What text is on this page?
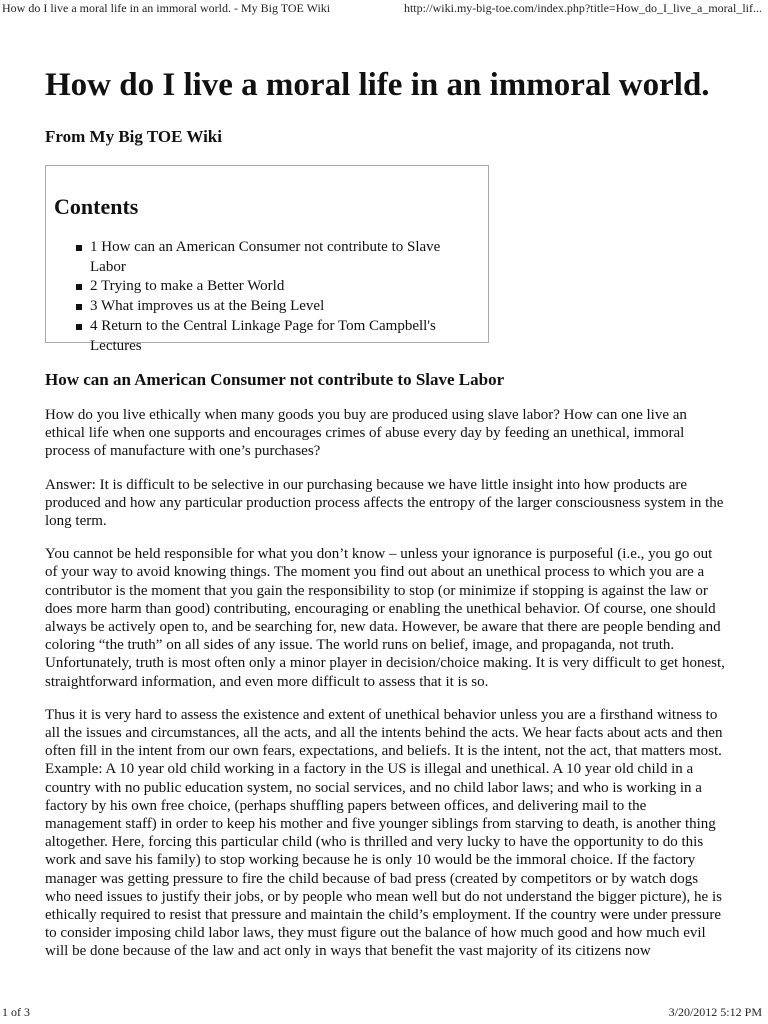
How do I live a moral life in an immoral world. - My Big TOE Wiki	http://wiki.my-big-toe.com/index.php?title=How_do_I_live_a_moral_lif...
How do I live a moral life in an immoral world.
From My Big TOE Wiki
Contents
1 How can an American Consumer not contribute to Slave Labor
2 Trying to make a Better World
3 What improves us at the Being Level
4 Return to the Central Linkage Page for Tom Campbell's Lectures
How can an American Consumer not contribute to Slave Labor

How do you live ethically when many goods you buy are produced using slave labor? How can one live an ethical life when one supports and encourages crimes of abuse every day by feeding an unethical, immoral process of manufacture with one’s purchases?

Answer: It is difficult to be selective in our purchasing because we have little insight into how products are produced and how any particular production process affects the entropy of the larger consciousness system in the long term.

You cannot be held responsible for what you don’t know – unless your ignorance is purposeful (i.e., you go out of your way to avoid knowing things. The moment you find out about an unethical process to which you are a contributor is the moment that you gain the responsibility to stop (or minimize if stopping is against the law or does more harm than good) contributing, encouraging or enabling the unethical behavior. Of course, one should always be actively open to, and be searching for, new data. However, be aware that there are people bending and coloring “the truth” on all sides of any issue. The world runs on belief, image, and propaganda, not truth. Unfortunately, truth is most often only a minor player in decision/choice making. It is very difficult to get honest, straightforward information, and even more difficult to assess that it is so.

Thus it is very hard to assess the existence and extent of unethical behavior unless you are a firsthand witness to all the issues and circumstances, all the acts, and all the intents behind the acts. We hear facts about acts and then often fill in the intent from our own fears, expectations, and beliefs. It is the intent, not the act, that matters most. Example: A 10 year old child working in a factory in the US is illegal and unethical. A 10 year old child in a country with no public education system, no social services, and no child labor laws; and who is working in a factory by his own free choice, (perhaps shuffling papers between offices, and delivering mail to the management staff) in order to keep his mother and five younger siblings from starving to death, is another thing altogether. Here, forcing this particular child (who is thrilled and very lucky to have the opportunity to do this work and save his family) to stop working because he is only 10 would be the immoral choice. If the factory manager was getting pressure to fire the child because of bad press (created by competitors or by watch dogs who need issues to justify their jobs, or by people who mean well but do not understand the bigger picture), he is ethically required to resist that pressure and maintain the child’s employment. If the country were under pressure to consider imposing child labor laws, they must figure out the balance of how much good and how much evil will be done because of the law and act only in ways that benefit the vast majority of its citizens now

1 of 3	3/20/2012 5:12 PM
